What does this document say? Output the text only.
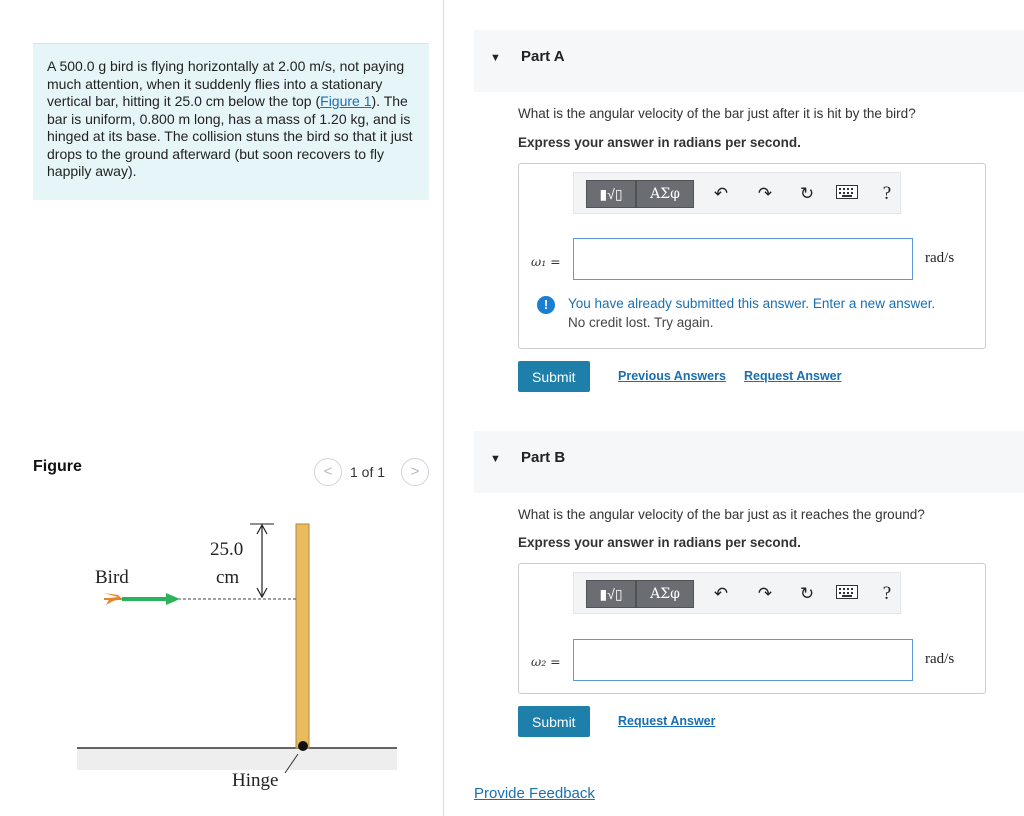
A 500.0 g bird is flying horizontally at 2.00 m/s, not paying much attention, when it suddenly flies into a stationary vertical bar, hitting it 25.0 cm below the top (Figure 1). The bar is uniform, 0.800 m long, has a mass of 1.20 kg, and is hinged at its base. The collision stuns the bird so that it just drops to the ground afterward (but soon recovers to fly happily away).
Figure	<	1 of 1	>
Hinge
25.0
cm
Bird
▼ Part A
What is the angular velocity of the bar just after it is hit by the bird?
Express your answer in radians per second.
▮√▯	ΑΣφ	↶ ↷ ↻	?
ω₁ =	rad/s
!	You have already submitted this answer. Enter a new answer.
No credit lost. Try again.
Submit	Previous Answers Request Answer
▼ Part B
What is the angular velocity of the bar just as it reaches the ground?
Express your answer in radians per second.
▮√▯	ΑΣφ	↶ ↷ ↻	?
ω₂ =	rad/s
Submit	Request Answer
Provide Feedback
